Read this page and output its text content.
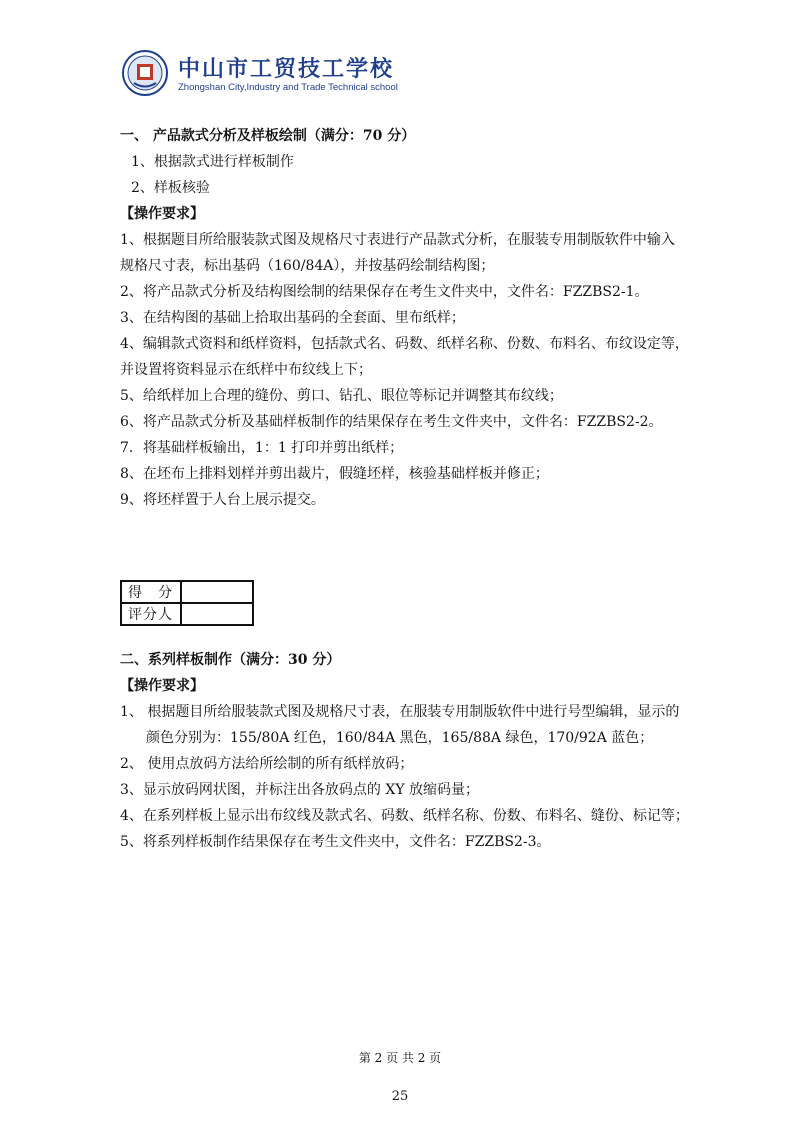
中山市工贸技工学校
Zhongshan City,Industry and Trade Technical school
一、 产品款式分析及样板绘制（满分：70 分）
1、根据款式进行样板制作
2、样板核验
【操作要求】
1、根据题目所给服装款式图及规格尺寸表进行产品款式分析，在服装专用制版软件中输入
规格尺寸表，标出基码（160/84A），并按基码绘制结构图；
2、将产品款式分析及结构图绘制的结果保存在考生文件夹中，文件名：FZZBS2-1。
3、在结构图的基础上拾取出基码的全套面、里布纸样；
4、编辑款式资料和纸样资料，包括款式名、码数、纸样名称、份数、布料名、布纹设定等，
并设置将资料显示在纸样中布纹线上下；
5、给纸样加上合理的缝份、剪口、钻孔、眼位等标记并调整其布纹线；
6、将产品款式分析及基础样板制作的结果保存在考生文件夹中，文件名：FZZBS2-2。
7．将基础样板输出，1：1 打印并剪出纸样；
8、在坯布上排料划样并剪出裁片，假缝坯样，核验基础样板并修正；
9、将坯样置于人台上展示提交。
得　分	
评分人	
二、系列样板制作（满分：30 分）
【操作要求】
1、 根据题目所给服装款式图及规格尺寸表，在服装专用制版软件中进行号型编辑，显示的
颜色分别为：155/80A 红色，160/84A 黑色，165/88A 绿色，170/92A 蓝色；
2、 使用点放码方法给所绘制的所有纸样放码；
3、显示放码网状图，并标注出各放码点的 XY 放缩码量；
4、在系列样板上显示出布纹线及款式名、码数、纸样名称、份数、布料名、缝份、标记等；
5、将系列样板制作结果保存在考生文件夹中，文件名：FZZBS2-3。
第 2 页 共 2 页
25
